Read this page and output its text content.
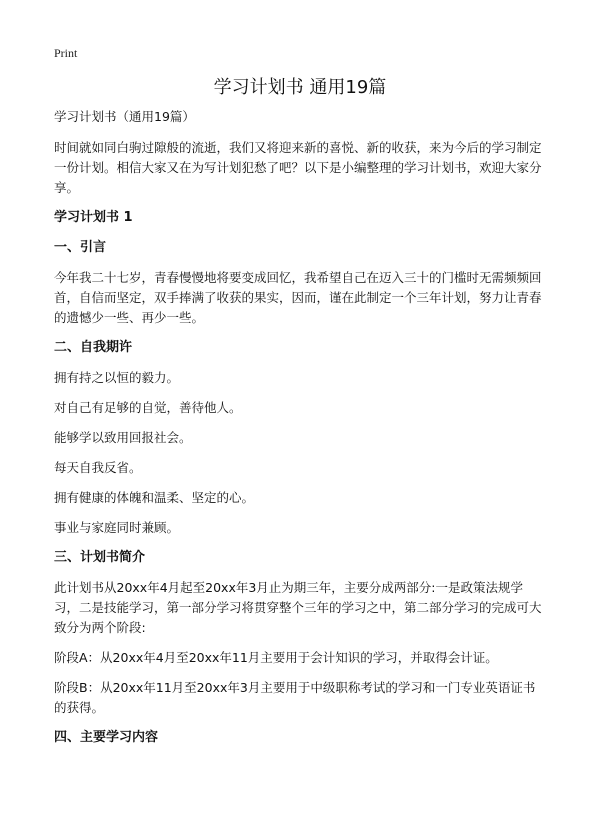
Print
学习计划书 通用19篇
学习计划书（通用19篇）

时间就如同白驹过隙般的流逝，我们又将迎来新的喜悦、新的收获，来为今后的学习制定一份计划。相信大家又在为写计划犯愁了吧？以下是小编整理的学习计划书，欢迎大家分享。

学习计划书 1
一、引言

今年我二十七岁，青春慢慢地将要变成回忆，我希望自己在迈入三十的门槛时无需频频回首，自信而坚定，双手捧满了收获的果实，因而，谨在此制定一个三年计划，努力让青春的遗憾少一些、再少一些。

二、自我期许

拥有持之以恒的毅力。

对自己有足够的自觉，善待他人。

能够学以致用回报社会。

每天自我反省。

拥有健康的体魄和温柔、坚定的心。

事业与家庭同时兼顾。

三、计划书简介

此计划书从20xx年4月起至20xx年3月止为期三年，主要分成两部分:一是政策法规学习，二是技能学习，第一部分学习将贯穿整个三年的学习之中，第二部分学习的完成可大致分为两个阶段:

阶段A：从20xx年4月至20xx年11月主要用于会计知识的学习，并取得会计证。

阶段B：从20xx年11月至20xx年3月主要用于中级职称考试的学习和一门专业英语证书的获得。

四、主要学习内容
